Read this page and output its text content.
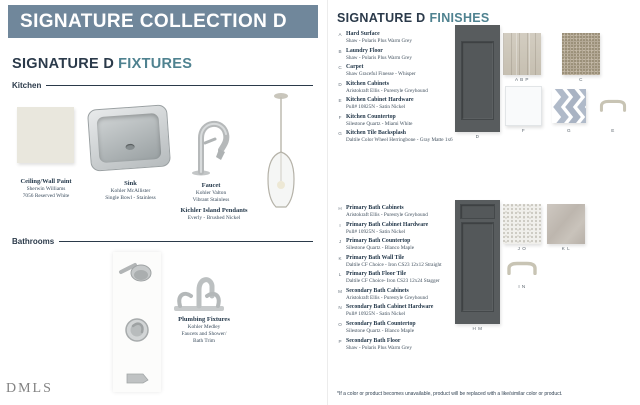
SIGNATURE COLLECTION D
SIGNATURE D FIXTURES
Kitchen
Ceiling/Wall Paint
Sherwin Williams
7056 Reserved White
Sink
Kohler McAllister
Single Bowl - Stainless
Faucet
Kohler Valton
Vibrant Stainless
Kichler Island Pendants
Everly - Brushed Nickel
Bathrooms
Plumbing Fixtures
Kohler Medley
Faucets and Shower/
Bath Trim
DMLS
SIGNATURE D FINISHES
A Hard Surface
Shaw - Polaris Plus Warm Grey
B Laundry Floor
Shaw - Polaris Plus Warm Grey
C Carpet
Shaw Graceful Finesse - Whisper
D Kitchen Cabinets
Aristokraft Ellis - Purestyle Greyhound
E Kitchen Cabinet Hardware
Pull# 10825N - Satin Nickel
F Kitchen Countertop
Silestone Quartz - Miami White
G Kitchen Tile Backsplash
Daltile Color Wheel Herringbone - Gray Matte 1x6
H Primary Bath Cabinets
Aristokraft Ellis - Purestyle Greyhound
I Primary Bath Cabinet Hardware
Pull# 10925N - Satin Nickel
J Primary Bath Countertop
Silestone Quartz - Blanco Maple
K Primary Bath Wall Tile
Daltile CF Choice - Iron CS23 12x12 Straight
L Primary Bath Floor Tile
Daltile CF Choice- Iron CS23 12x24 Stagger
M Secondary Bath Cabinets
Aristokraft Ellis - Purestyle Greyhound
N Secondary Bath Cabinet Hardware
Pull# 10925N - Satin Nickel
O Secondary Bath Countertop
Silestone Quartz - Blanco Maple
P Secondary Bath Floor
Shaw - Polaris Plus Warm Grey
D
A B P	C
F	G	E
H M
J O	K L
I N
*If a color or product becomes unavailable, product will be replaced with a like/similar color or product.
